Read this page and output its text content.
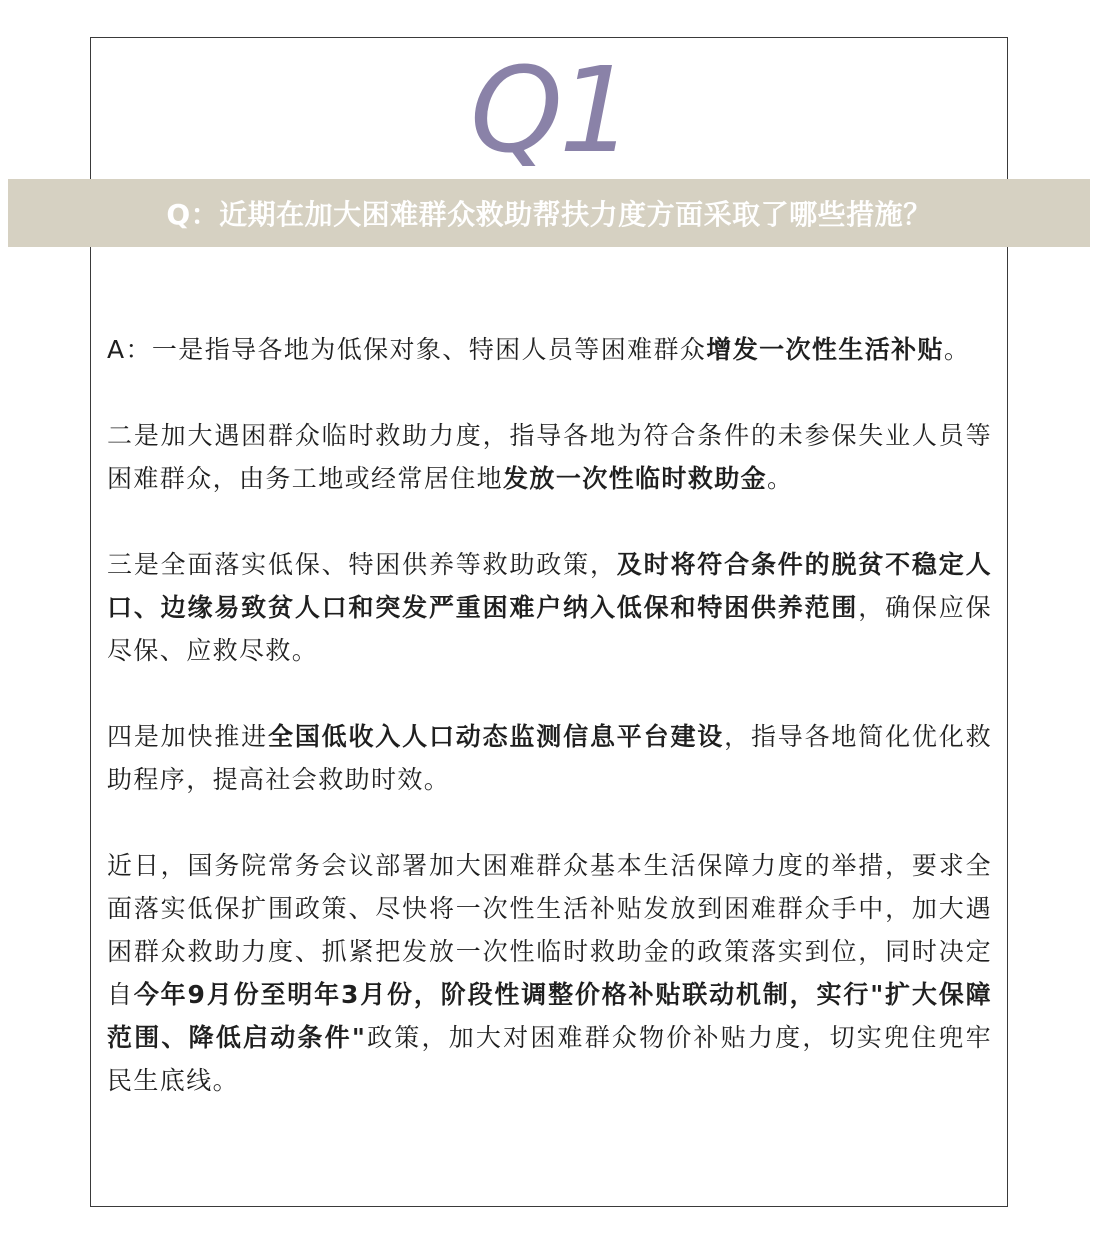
Q1
Q：近期在加大困难群众救助帮扶力度方面采取了哪些措施？

A：一是指导各地为低保对象、特困人员等困难群众增发一次性生活补贴。

二是加大遇困群众临时救助力度，指导各地为符合条件的未参保失业人员等困难群众，由务工地或经常居住地发放一次性临时救助金。

三是全面落实低保、特困供养等救助政策，及时将符合条件的脱贫不稳定人口、边缘易致贫人口和突发严重困难户纳入低保和特困供养范围，确保应保尽保、应救尽救。

四是加快推进全国低收入人口动态监测信息平台建设，指导各地简化优化救助程序，提高社会救助时效。

近日，国务院常务会议部署加大困难群众基本生活保障力度的举措，要求全面落实低保扩围政策、尽快将一次性生活补贴发放到困难群众手中，加大遇困群众救助力度、抓紧把发放一次性临时救助金的政策落实到位，同时决定自今年9月份至明年3月份，阶段性调整价格补贴联动机制，实行"扩大保障范围、降低启动条件"政策，加大对困难群众物价补贴力度，切实兜住兜牢民生底线。
